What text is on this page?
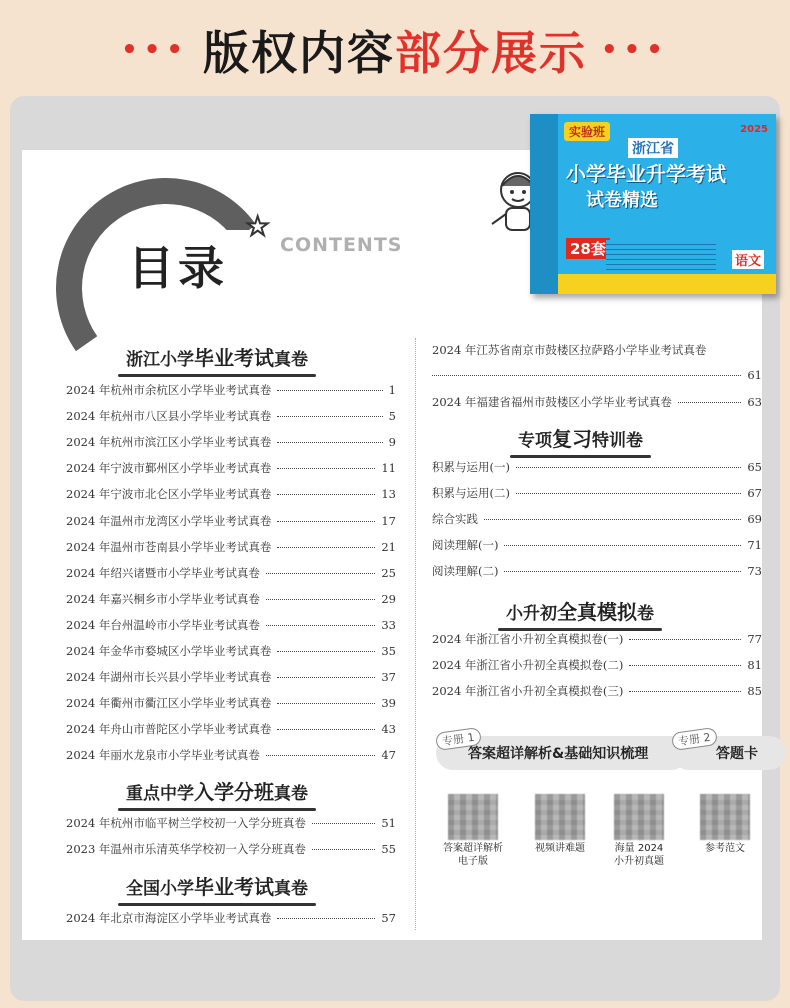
••• 版权内容 部分展示 •••
目录	CONTENTS
★
实验班	2025
浙江省
小学毕业升学考试
试卷精选
28套
语文
浙江小学毕业考试真卷
2024 年杭州市余杭区小学毕业考试真卷	1
2024 年杭州市八区县小学毕业考试真卷	5
2024 年杭州市滨江区小学毕业考试真卷	9
2024 年宁波市鄞州区小学毕业考试真卷	11
2024 年宁波市北仑区小学毕业考试真卷	13
2024 年温州市龙湾区小学毕业考试真卷	17
2024 年温州市苍南县小学毕业考试真卷	21
2024 年绍兴诸暨市小学毕业考试真卷	25
2024 年嘉兴桐乡市小学毕业考试真卷	29
2024 年台州温岭市小学毕业考试真卷	33
2024 年金华市婺城区小学毕业考试真卷	35
2024 年湖州市长兴县小学毕业考试真卷	37
2024 年衢州市衢江区小学毕业考试真卷	39
2024 年舟山市普陀区小学毕业考试真卷	43
2024 年丽水龙泉市小学毕业考试真卷	47
重点中学入学分班真卷
2024 年杭州市临平树兰学校初一入学分班真卷	51
2023 年温州市乐清英华学校初一入学分班真卷	55
全国小学毕业考试真卷
2024 年北京市海淀区小学毕业考试真卷	57
2024 年江苏省南京市鼓楼区拉萨路小学毕业考试真卷
61
2024 年福建省福州市鼓楼区小学毕业考试真卷	63
专项复习特训卷
积累与运用(一)	65
积累与运用(二)	67
综合实践	69
阅读理解(一)	71
阅读理解(二)	73
小升初全真模拟卷
2024 年浙江省小升初全真模拟卷(一)	77
2024 年浙江省小升初全真模拟卷(二)	81
2024 年浙江省小升初全真模拟卷(三)	85
专册 1
答案超详解析&基础知识梳理
专册 2
答题卡
答案超详解析
电子版
视频讲难题	海量 2024
小升初真题
参考范文
